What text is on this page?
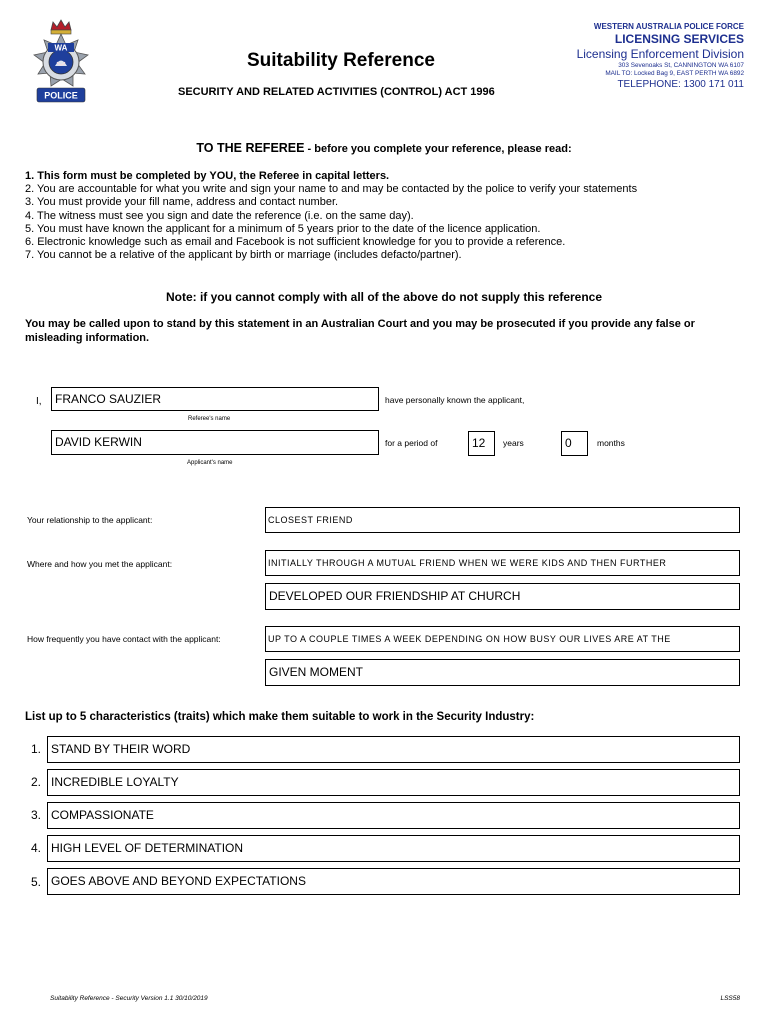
WA
POLICE
Suitability Reference
SECURITY AND RELATED ACTIVITIES (CONTROL) ACT 1996
WESTERN AUSTRALIA POLICE FORCE
LICENSING SERVICES
Licensing Enforcement Division
303 Sevenoaks St, CANNINGTON WA 6107
MAIL TO: Locked Bag 9, EAST PERTH WA 6892
TELEPHONE: 1300 171 011
TO THE REFEREE - before you complete your reference, please read:
1. This form must be completed by YOU, the Referee in capital letters.
2. You are accountable for what you write and sign your name to and may be contacted by the police to verify your statements
3. You must provide your fill name, address and contact number.
4. The witness must see you sign and date the reference (i.e. on the same day).
5. You must have known the applicant for a minimum of 5 years prior to the date of the licence application.
6. Electronic knowledge such as email and Facebook is not sufficient knowledge for you to provide a reference.
7. You cannot be a relative of the applicant by birth or marriage (includes defacto/partner).
Note: if you cannot comply with all of the above do not supply this reference
You may be called upon to stand by this statement in an Australian Court and you may be prosecuted if you provide any false or misleading information.
I,	FRANCO SAUZIER
Referee's name
have personally known the applicant,
DAVID KERWIN
Applicant's name
for a period of	12	years	0	months
Your relationship to the applicant:	CLOSEST FRIEND
Where and how you met the applicant:	INITIALLY THROUGH A MUTUAL FRIEND WHEN WE WERE KIDS AND THEN FURTHER
DEVELOPED OUR FRIENDSHIP AT CHURCH
How frequently you have contact with the applicant:	UP TO A COUPLE TIMES A WEEK DEPENDING ON HOW BUSY OUR LIVES ARE AT THE
GIVEN MOMENT
List up to 5 characteristics (traits) which make them suitable to work in the Security Industry:
1. STAND BY THEIR WORD
2. INCREDIBLE LOYALTY
3. COMPASSIONATE
4. HIGH LEVEL OF DETERMINATION
5. GOES ABOVE AND BEYOND EXPECTATIONS
Suitability Reference - Security Version 1.1 30/10/2019	LSS58
